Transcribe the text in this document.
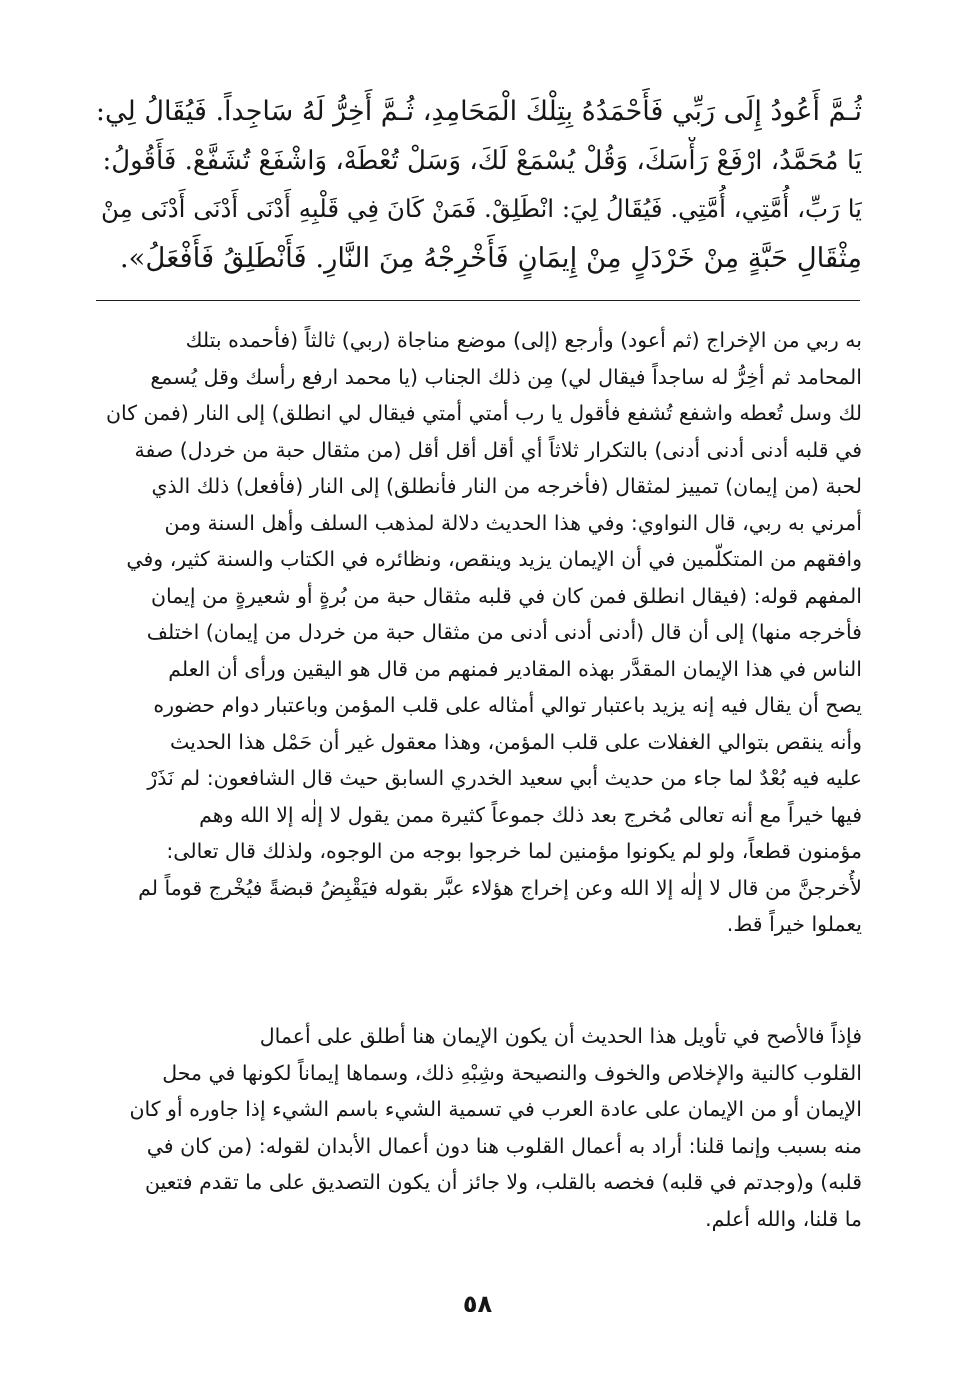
ثُـمَّ أَعُودُ إِلَى رَبِّي فَأَحْمَدُهُ بِتِلْكَ الْمَحَامِدِ، ثُـمَّ أَخِرُّ لَهُ سَاجِداً. فَيُقَالُ لِي:
يَا مُحَمَّدُ، ارْفَعْ رَأْسَكَ، وَقُلْ يُسْمَعْ لَكَ، وَسَلْ تُعْطَهْ، وَاشْفَعْ تُشَفَّعْ. فَأَقُولُ:
يَا رَبِّ، أُمَّتِي، أُمَّتِي. فَيُقَالُ لِيَ: انْطَلِقْ. فَمَنْ كَانَ فِي قَلْبِهِ أَدْنَى أَدْنَى أَدْنَى مِنْ
مِثْقَالِ حَبَّةٍ مِنْ خَرْدَلٍ مِنْ إِيمَانٍ فَأَخْرِجْهُ مِنَ النَّارِ. فَأَنْطَلِقُ فَأَفْعَلُ».
به ربي من الإخراج (ثم أعود) وأرجع (إلى) موضع مناجاة (ربي) ثالثاً (فأحمده بتلك
المحامد ثم أخِرُّ له ساجداً فيقال لي) مِن ذلك الجناب (يا محمد ارفع رأسك وقل يُسمع
لك وسل تُعطه واشفع تُشفع فأقول يا رب أمتي أمتي فيقال لي انطلق) إلى النار (فمن كان
في قلبه أدنى أدنى أدنى) بالتكرار ثلاثاً أي أقل أقل أقل (من مثقال حبة من خردل) صفة
لحبة (من إيمان) تمييز لمثقال (فأخرجه من النار فأنطلق) إلى النار (فأفعل) ذلك الذي
أمرني به ربي، قال النواوي: وفي هذا الحديث دلالة لمذهب السلف وأهل السنة ومن
وافقهم من المتكلّمين في أن الإيمان يزيد وينقص، ونظائره في الكتاب والسنة كثير، وفي
المفهم قوله: (فيقال انطلق فمن كان في قلبه مثقال حبة من بُرةٍ أو شعيرةٍ من إيمان
فأخرجه منها) إلى أن قال (أدنى أدنى أدنى من مثقال حبة من خردل من إيمان) اختلف
الناس في هذا الإيمان المقدَّر بهذه المقادير فمنهم من قال هو اليقين ورأى أن العلم
يصح أن يقال فيه إنه يزيد باعتبار توالي أمثاله على قلب المؤمن وباعتبار دوام حضوره
وأنه ينقص بتوالي الغفلات على قلب المؤمن، وهذا معقول غير أن حَمْل هذا الحديث
عليه فيه بُعْدٌ لما جاء من حديث أبي سعيد الخدري السابق حيث قال الشافعون: لم نَذَرْ
فيها خيراً مع أنه تعالى مُخرج بعد ذلك جموعاً كثيرة ممن يقول لا إلٰه إلا الله وهم
مؤمنون قطعاً، ولو لم يكونوا مؤمنين لما خرجوا بوجه من الوجوه، ولذلك قال تعالى:
لأُخرجنَّ من قال لا إلٰه إلا الله وعن إخراج هؤلاء عبَّر بقوله فيَقْبِضُ قبضةً فيُخْرج قوماً لم
يعملوا خيراً قط.
فإذاً فالأصح في تأويل هذا الحديث أن يكون الإيمان هنا أطلق على أعمال
القلوب كالنية والإخلاص والخوف والنصيحة وشِبْهِ ذلك، وسماها إيماناً لكونها في محل
الإيمان أو من الإيمان على عادة العرب في تسمية الشيء باسم الشيء إذا جاوره أو كان
منه بسبب وإنما قلنا: أراد به أعمال القلوب هنا دون أعمال الأبدان لقوله: (من كان في
قلبه) و(وجدتم في قلبه) فخصه بالقلب، ولا جائز أن يكون التصديق على ما تقدم فتعين
ما قلنا، والله أعلم.
٥٨
